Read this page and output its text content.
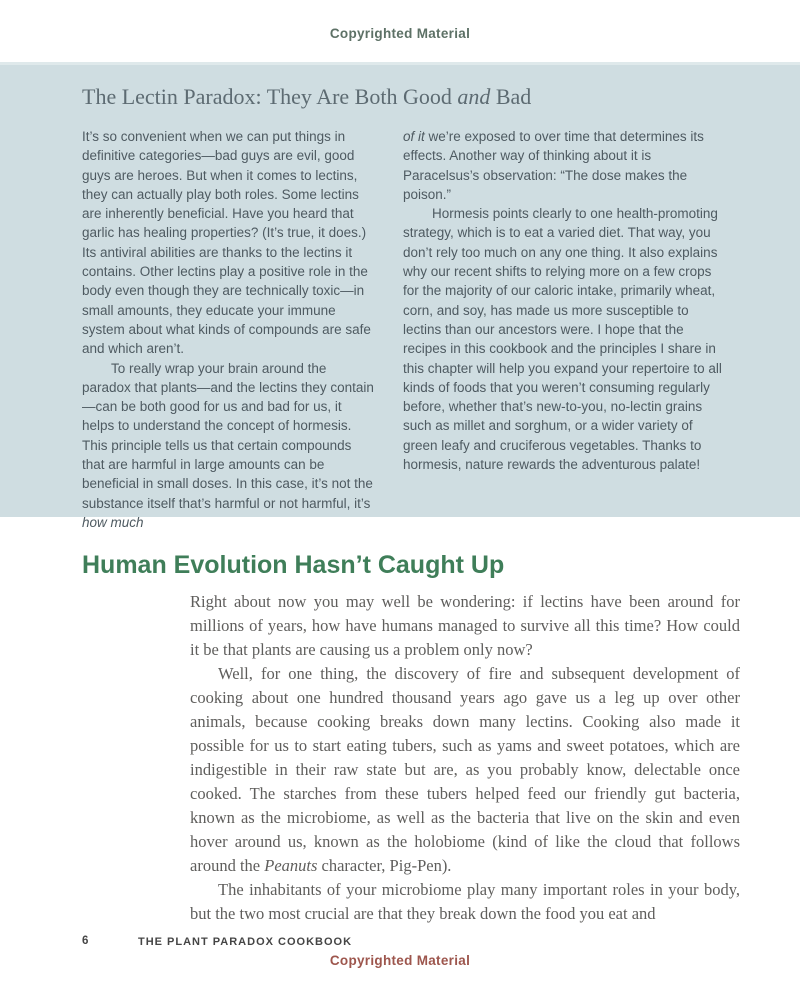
Copyrighted Material
The Lectin Paradox: They Are Both Good and Bad

It’s so convenient when we can put things in definitive categories—bad guys are evil, good guys are heroes. But when it comes to lectins, they can actually play both roles. Some lectins are inherently beneficial. Have you heard that garlic has healing properties? (It’s true, it does.) Its antiviral abilities are thanks to the lectins it contains. Other lectins play a positive role in the body even though they are technically toxic—in small amounts, they educate your immune system about what kinds of compounds are safe and which aren’t.

To really wrap your brain around the paradox that plants—and the lectins they contain—can be both good for us and bad for us, it helps to understand the concept of hormesis. This principle tells us that certain compounds that are harmful in large amounts can be beneficial in small doses. In this case, it’s not the substance itself that’s harmful or not harmful, it’s how much

of it we’re exposed to over time that determines its effects. Another way of thinking about it is Paracelsus’s observation: “The dose makes the poison.”

Hormesis points clearly to one health-promoting strategy, which is to eat a varied diet. That way, you don’t rely too much on any one thing. It also explains why our recent shifts to relying more on a few crops for the majority of our caloric intake, primarily wheat, corn, and soy, has made us more susceptible to lectins than our ancestors were. I hope that the recipes in this cookbook and the principles I share in this chapter will help you expand your repertoire to all kinds of foods that you weren’t consuming regularly before, whether that’s new-to-you, no-lectin grains such as millet and sorghum, or a wider variety of green leafy and cruciferous vegetables. Thanks to hormesis, nature rewards the adventurous palate!

Human Evolution Hasn’t Caught Up

Right about now you may well be wondering: if lectins have been around for millions of years, how have humans managed to survive all this time? How could it be that plants are causing us a problem only now?

Well, for one thing, the discovery of fire and subsequent development of cooking about one hundred thousand years ago gave us a leg up over other animals, because cooking breaks down many lectins. Cooking also made it possible for us to start eating tubers, such as yams and sweet potatoes, which are indigestible in their raw state but are, as you probably know, delectable once cooked. The starches from these tubers helped feed our friendly gut bacteria, known as the microbiome, as well as the bacteria that live on the skin and even hover around us, known as the holobiome (kind of like the cloud that follows around the Peanuts character, Pig-Pen).

The inhabitants of your microbiome play many important roles in your body, but the two most crucial are that they break down the food you eat and

6	THE PLANT PARADOX COOKBOOK
Copyrighted Material
